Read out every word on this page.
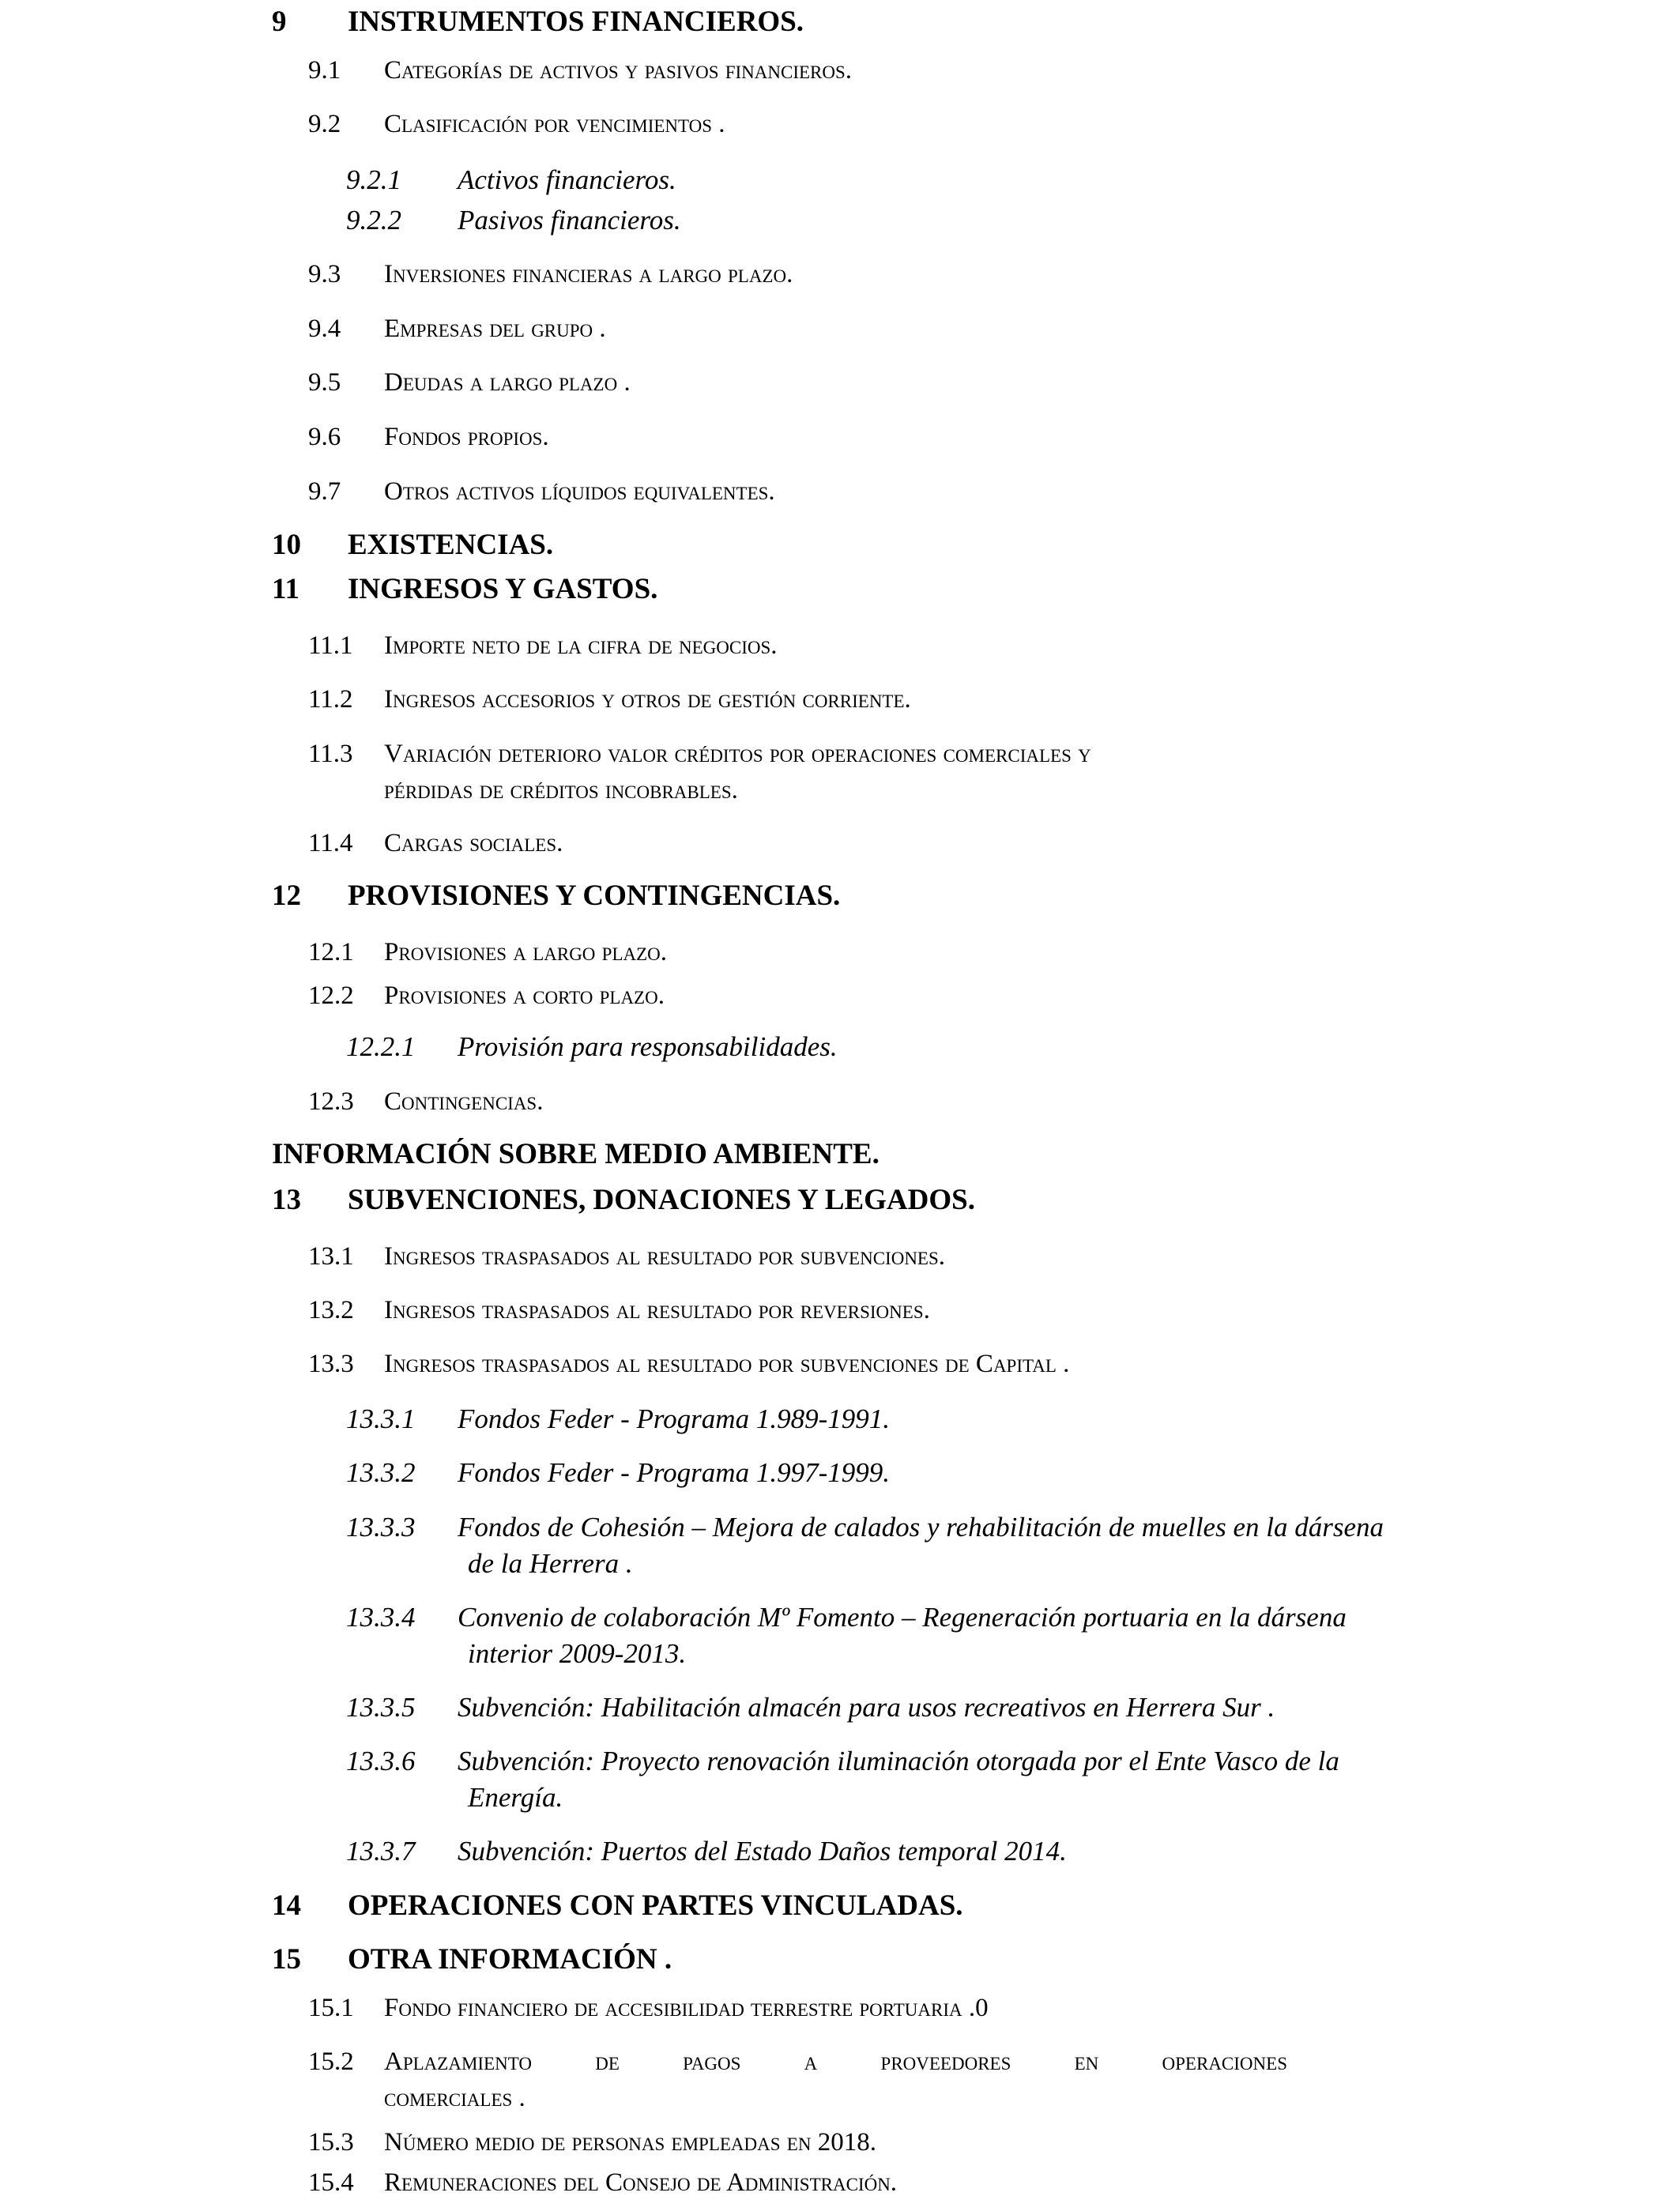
9 INSTRUMENTOS FINANCIEROS.
9.1 Categorías de activos y pasivos financieros.
9.2 Clasificación por vencimientos .
9.2.1 Activos financieros.
9.2.2 Pasivos financieros.
9.3 Inversiones financieras a largo plazo.
9.4 Empresas del grupo .
9.5 Deudas a largo plazo .
9.6 Fondos propios.
9.7 Otros activos líquidos equivalentes.
10 EXISTENCIAS.
11 INGRESOS Y GASTOS.
11.1 Importe neto de la cifra de negocios.
11.2 Ingresos accesorios y otros de gestión corriente.
11.3 Variación deterioro valor créditos por operaciones comerciales y
pérdidas de créditos incobrables.
11.4 Cargas sociales.
12 PROVISIONES Y CONTINGENCIAS.
12.1 Provisiones a largo plazo.
12.2 Provisiones a corto plazo.
12.2.1 Provisión para responsabilidades.
12.3 Contingencias.
INFORMACIÓN SOBRE MEDIO AMBIENTE.
13 SUBVENCIONES, DONACIONES Y LEGADOS.
13.1 Ingresos traspasados al resultado por subvenciones.
13.2 Ingresos traspasados al resultado por reversiones.
13.3 Ingresos traspasados al resultado por subvenciones de Capital .
13.3.1 Fondos Feder - Programa 1.989-1991.
13.3.2 Fondos Feder - Programa 1.997-1999.
13.3.3 Fondos de Cohesión – Mejora de calados y rehabilitación de muelles en la dársena
de la Herrera .
13.3.4 Convenio de colaboración Mº Fomento – Regeneración portuaria en la dársena
interior 2009-2013.
13.3.5 Subvención: Habilitación almacén para usos recreativos en Herrera Sur .
13.3.6 Subvención: Proyecto renovación iluminación otorgada por el Ente Vasco de la
Energía.
13.3.7 Subvención: Puertos del Estado Daños temporal 2014.
14 OPERACIONES CON PARTES VINCULADAS.
15 OTRA INFORMACIÓN .
15.1 Fondo financiero de accesibilidad terrestre portuaria .0
15.2 Aplazamiento de pagos a proveedores en operaciones
comerciales .
15.3 Número medio de personas empleadas en 2018.
15.4 Remuneraciones del Consejo de Administración.
